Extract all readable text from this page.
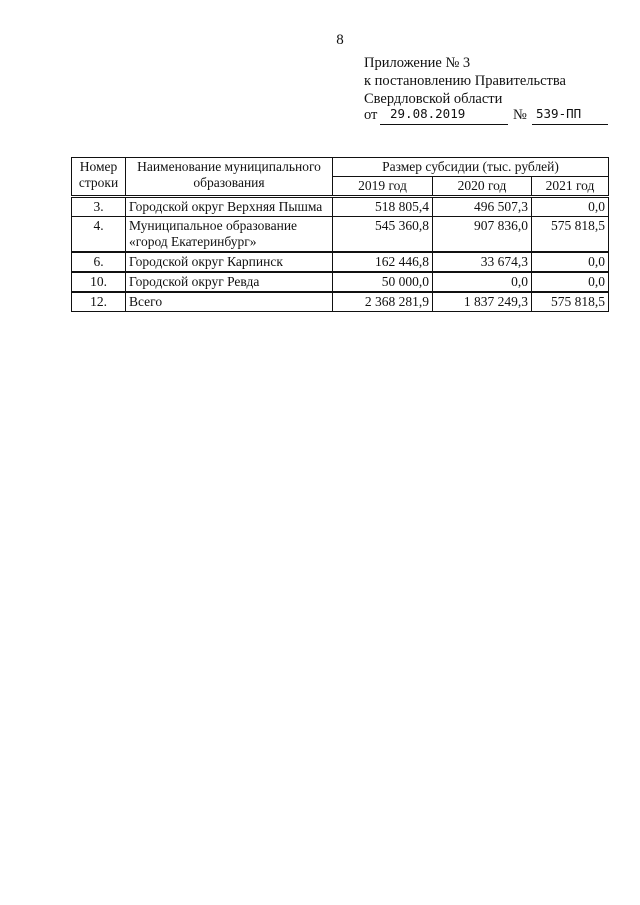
8
Приложение № 3
к постановлению Правительства
Свердловской области
от 29.08.2019	№ 539-ПП
Номер строки	Наименование муниципального образования	Размер субсидии (тыс. рублей)		
		2019 год	2020 год	2021 год
3.	Городской округ Верхняя Пышма	518 805,4	496 507,3	0,0
4.	Муниципальное образование «город Екатеринбург»	545 360,8	907 836,0	575 818,5
6.	Городской округ Карпинск	162 446,8	33 674,3	0,0
10.	Городской округ Ревда	50 000,0	0,0	0,0
12.	Всего	2 368 281,9	1 837 249,3	575 818,5
